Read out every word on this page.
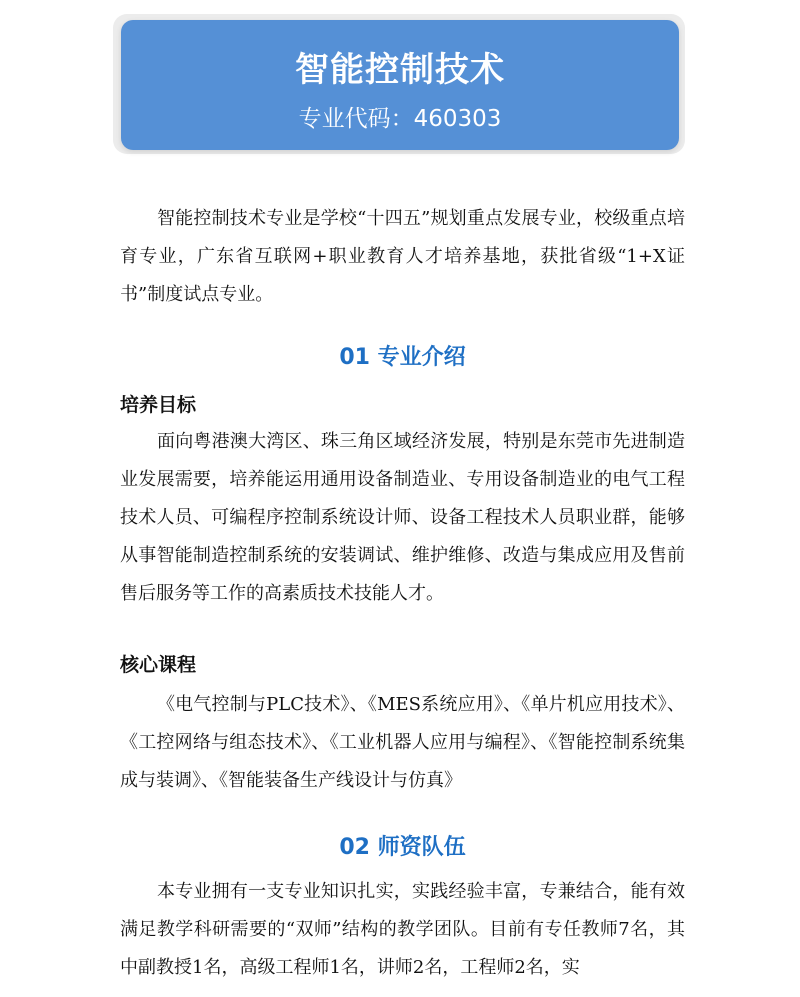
智能控制技术
专业代码：460303

智能控制技术专业是学校“十四五”规划重点发展专业，校级重点培育专业，广东省互联网+职业教育人才培养基地，获批省级“1+X证书”制度试点专业。

01 专业介绍
培养目标

面向粤港澳大湾区、珠三角区域经济发展，特别是东莞市先进制造业发展需要，培养能运用通用设备制造业、专用设备制造业的电气工程技术人员、可编程序控制系统设计师、设备工程技术人员职业群，能够从事智能制造控制系统的安装调试、维护维修、改造与集成应用及售前售后服务等工作的高素质技术技能人才。

核心课程

《电气控制与PLC技术》、《MES系统应用》、《单片机应用技术》、《工控网络与组态技术》、《工业机器人应用与编程》、《智能控制系统集成与装调》、《智能装备生产线设计与仿真》

02 师资队伍

本专业拥有一支专业知识扎实，实践经验丰富，专兼结合，能有效满足教学科研需要的“双师”结构的教学团队。目前有专任教师7名，其中副教授1名，高级工程师1名，讲师2名，工程师2名，实
